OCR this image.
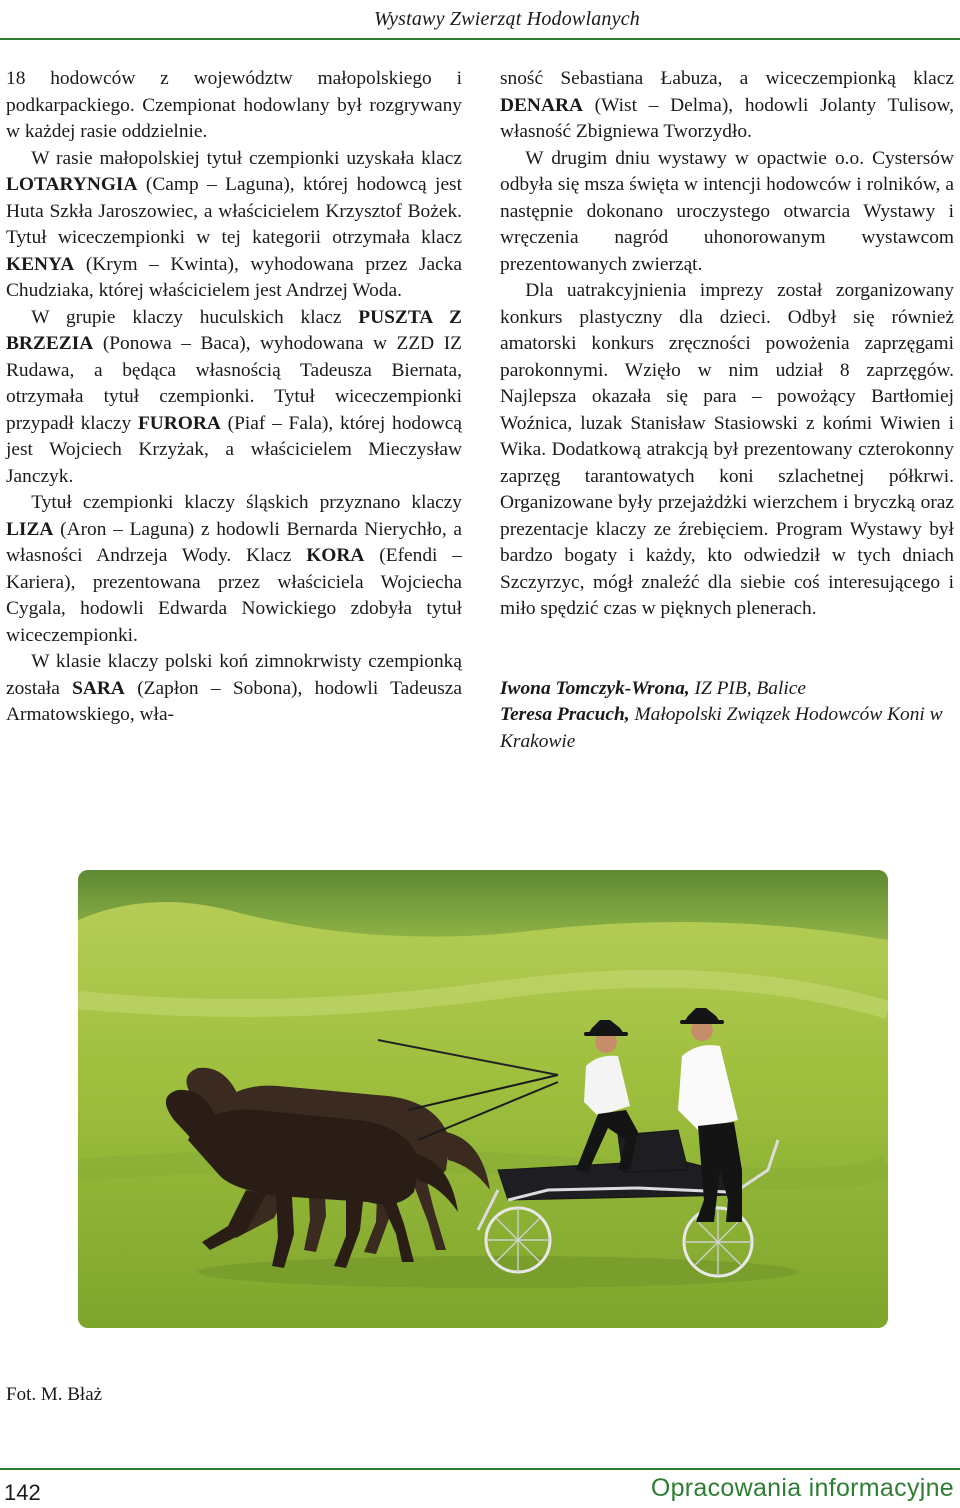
Wystawy Zwierząt Hodowlanych

18 hodowców z województw małopolskiego i podkarpackiego. Czempionat hodowlany był rozgrywany w każdej rasie oddzielnie.

W rasie małopolskiej tytuł czempionki uzyskała klacz LOTARYNGIA (Camp – Laguna), której hodowcą jest Huta Szkła Jaroszowiec, a właścicielem Krzysztof Bożek. Tytuł wiceczempionki w tej kategorii otrzymała klacz KENYA (Krym – Kwinta), wyhodowana przez Jacka Chudziaka, której właścicielem jest Andrzej Woda.

W grupie klaczy huculskich klacz PUSZTA Z BRZEZIA (Ponowa – Baca), wyhodowana w ZZD IZ Rudawa, a będąca własnością Tadeusza Biernata, otrzymała tytuł czempionki. Tytuł wiceczempionki przypadł klaczy FURORA (Piaf – Fala), której hodowcą jest Wojciech Krzyżak, a właścicielem Mieczysław Janczyk.

Tytuł czempionki klaczy śląskich przyznano klaczy LIZA (Aron – Laguna) z hodowli Bernarda Nierychło, a własności Andrzeja Wody. Klacz KORA (Efendi – Kariera), prezentowana przez właściciela Wojciecha Cygala, hodowli Edwarda Nowickiego zdobyła tytuł wiceczempionki.

W klasie klaczy polski koń zimnokrwisty czempionką została SARA (Zapłon – Sobona), hodowli Tadeusza Armatowskiego, wła-

sność Sebastiana Łabuza, a wiceczempionką klacz DENARA (Wist – Delma), hodowli Jolanty Tulisow, własność Zbigniewa Tworzydło.

W drugim dniu wystawy w opactwie o.o. Cystersów odbyła się msza święta w intencji hodowców i rolników, a następnie dokonano uroczystego otwarcia Wystawy i wręczenia nagród uhonorowanym wystawcom prezentowanych zwierząt.

Dla uatrakcyjnienia imprezy został zorganizowany konkurs plastyczny dla dzieci. Odbył się również amatorski konkurs zręczności powożenia zaprzęgami parokonnymi. Wzięło w nim udział 8 zaprzęgów. Najlepsza okazała się para – powożący Bartłomiej Woźnica, luzak Stanisław Stasiowski z końmi Wiwien i Wika. Dodatkową atrakcją był prezentowany czterokonny zaprzęg tarantowatych koni szlachetnej półkrwi. Organizowane były przejażdżki wierzchem i bryczką oraz prezentacje klaczy ze źrebięciem. Program Wystawy był bardzo bogaty i każdy, kto odwiedził w tych dniach Szczyrzyc, mógł znaleźć dla siebie coś interesującego i miło spędzić czas w pięknych plenerach.

Iwona Tomczyk-Wrona, IZ PIB, Balice
Teresa Pracuch, Małopolski Związek Hodowców Koni w Krakowie
Fot. M. Błaż
142	Opracowania informacyjne
